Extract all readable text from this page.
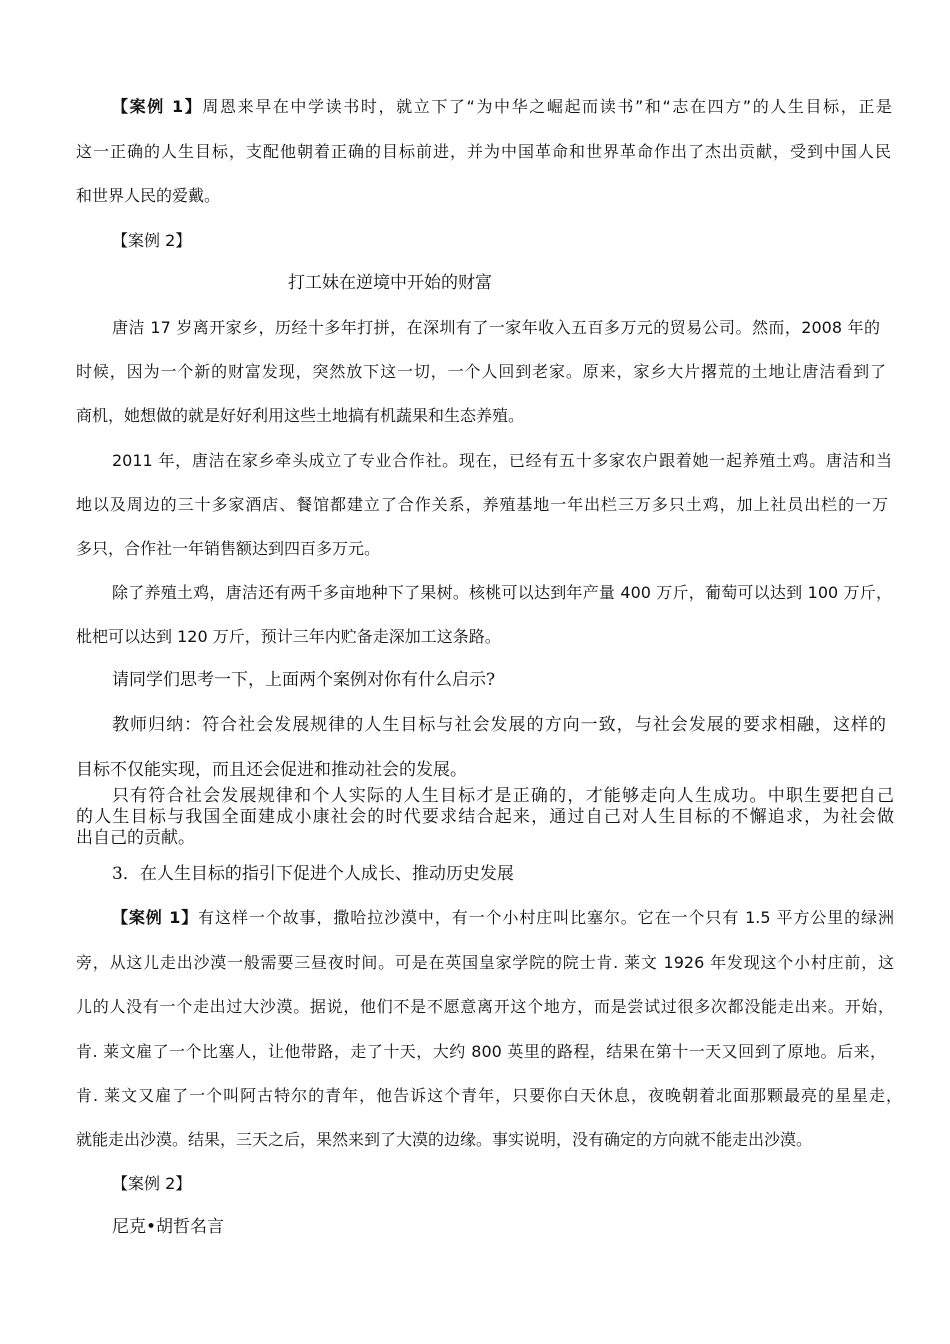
【案例 1】周恩来早在中学读书时，就立下了“为中华之崛起而读书”和“志在四方”的人生目标，正是
这一正确的人生目标，支配他朝着正确的目标前进，并为中国革命和世界革命作出了杰出贡献，受到中国人民
和世界人民的爱戴。
【案例 2】
打工妹在逆境中开始的财富
唐洁 17 岁离开家乡，历经十多年打拼，在深圳有了一家年收入五百多万元的贸易公司。然而，2008 年的
时候，因为一个新的财富发现，突然放下这一切，一个人回到老家。原来，家乡大片撂荒的土地让唐洁看到了
商机，她想做的就是好好利用这些土地搞有机蔬果和生态养殖。
2011 年，唐洁在家乡牵头成立了专业合作社。现在，已经有五十多家农户跟着她一起养殖土鸡。唐洁和当
地以及周边的三十多家酒店、餐馆都建立了合作关系，养殖基地一年出栏三万多只土鸡，加上社员出栏的一万
多只，合作社一年销售额达到四百多万元。
除了养殖土鸡，唐洁还有两千多亩地种下了果树。核桃可以达到年产量 400 万斤，葡萄可以达到 100 万斤，
枇杷可以达到 120 万斤，预计三年内贮备走深加工这条路。
请同学们思考一下，上面两个案例对你有什么启示?
教师归纳：符合社会发展规律的人生目标与社会发展的方向一致，与社会发展的要求相融，这样的
目标不仅能实现，而且还会促进和推动社会的发展。
只有符合社会发展规律和个人实际的人生目标才是正确的，才能够走向人生成功。中职生要把自己
的人生目标与我国全面建成小康社会的时代要求结合起来，通过自己对人生目标的不懈追求，为社会做
出自己的贡献。
3．在人生目标的指引下促进个人成长、推动历史发展
【案例 1】有这样一个故事，撒哈拉沙漠中，有一个小村庄叫比塞尔。它在一个只有 1.5 平方公里的绿洲
旁，从这儿走出沙漠一般需要三昼夜时间。可是在英国皇家学院的院士肯. 莱文 1926 年发现这个小村庄前，这
儿的人没有一个走出过大沙漠。据说，他们不是不愿意离开这个地方，而是尝试过很多次都没能走出来。开始，
肯. 莱文雇了一个比塞人，让他带路，走了十天，大约 800 英里的路程，结果在第十一天又回到了原地。后来，
肯. 莱文又雇了一个叫阿古特尔的青年，他告诉这个青年，只要你白天休息，夜晚朝着北面那颗最亮的星星走，
就能走出沙漠。结果，三天之后，果然来到了大漠的边缘。事实说明，没有确定的方向就不能走出沙漠。
【案例 2】
尼克•胡哲名言
